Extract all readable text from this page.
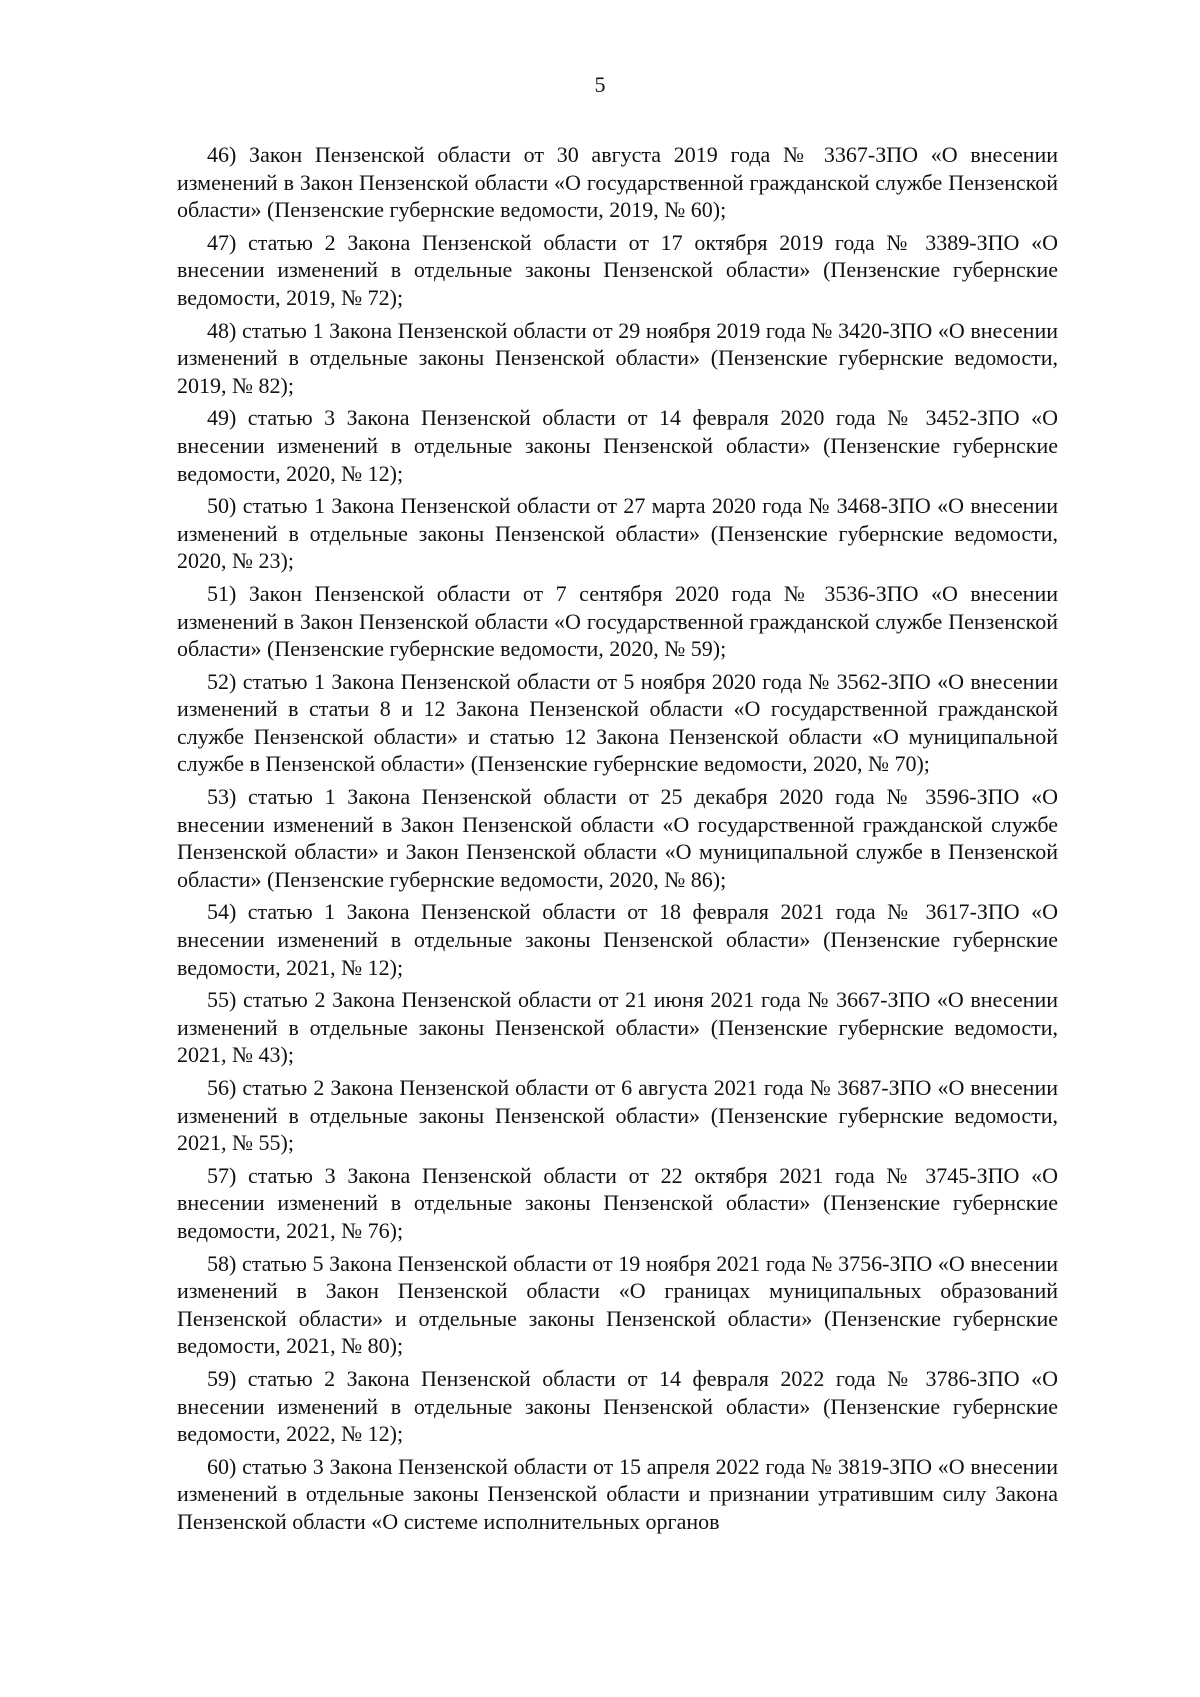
5

46) Закон Пензенской области от 30 августа 2019 года № 3367-ЗПО «О внесении изменений в Закон Пензенской области «О государственной гражданской службе Пензенской области» (Пензенские губернские ведомости, 2019, № 60);

47) статью 2 Закона Пензенской области от 17 октября 2019 года № 3389-ЗПО «О внесении изменений в отдельные законы Пензенской области» (Пензенские губернские ведомости, 2019, № 72);

48) статью 1 Закона Пензенской области от 29 ноября 2019 года № 3420-ЗПО «О внесении изменений в отдельные законы Пензенской области» (Пензенские губернские ведомости, 2019, № 82);

49) статью 3 Закона Пензенской области от 14 февраля 2020 года № 3452-ЗПО «О внесении изменений в отдельные законы Пензенской области» (Пензенские губернские ведомости, 2020, № 12);

50) статью 1 Закона Пензенской области от 27 марта 2020 года № 3468-ЗПО «О внесении изменений в отдельные законы Пензенской области» (Пензенские губернские ведомости, 2020, № 23);

51) Закон Пензенской области от 7 сентября 2020 года № 3536-ЗПО «О внесении изменений в Закон Пензенской области «О государственной гражданской службе Пензенской области» (Пензенские губернские ведомости, 2020, № 59);

52) статью 1 Закона Пензенской области от 5 ноября 2020 года № 3562-ЗПО «О внесении изменений в статьи 8 и 12 Закона Пензенской области «О государственной гражданской службе Пензенской области» и статью 12 Закона Пензенской области «О муниципальной службе в Пензенской области» (Пензенские губернские ведомости, 2020, № 70);

53) статью 1 Закона Пензенской области от 25 декабря 2020 года № 3596-ЗПО «О внесении изменений в Закон Пензенской области «О государственной гражданской службе Пензенской области» и Закон Пензенской области «О муниципальной службе в Пензенской области» (Пензенские губернские ведомости, 2020, № 86);

54) статью 1 Закона Пензенской области от 18 февраля 2021 года № 3617-ЗПО «О внесении изменений в отдельные законы Пензенской области» (Пензенские губернские ведомости, 2021, № 12);

55) статью 2 Закона Пензенской области от 21 июня 2021 года № 3667-ЗПО «О внесении изменений в отдельные законы Пензенской области» (Пензенские губернские ведомости, 2021, № 43);

56) статью 2 Закона Пензенской области от 6 августа 2021 года № 3687-ЗПО «О внесении изменений в отдельные законы Пензенской области» (Пензенские губернские ведомости, 2021, № 55);

57) статью 3 Закона Пензенской области от 22 октября 2021 года № 3745-ЗПО «О внесении изменений в отдельные законы Пензенской области» (Пензенские губернские ведомости, 2021, № 76);

58) статью 5 Закона Пензенской области от 19 ноября 2021 года № 3756-ЗПО «О внесении изменений в Закон Пензенской области «О границах муниципальных образований Пензенской области» и отдельные законы Пензенской области» (Пензенские губернские ведомости, 2021, № 80);

59) статью 2 Закона Пензенской области от 14 февраля 2022 года № 3786-ЗПО «О внесении изменений в отдельные законы Пензенской области» (Пензенские губернские ведомости, 2022, № 12);

60) статью 3 Закона Пензенской области от 15 апреля 2022 года № 3819-ЗПО «О внесении изменений в отдельные законы Пензенской области и признании утратившим силу Закона Пензенской области «О системе исполнительных органов
